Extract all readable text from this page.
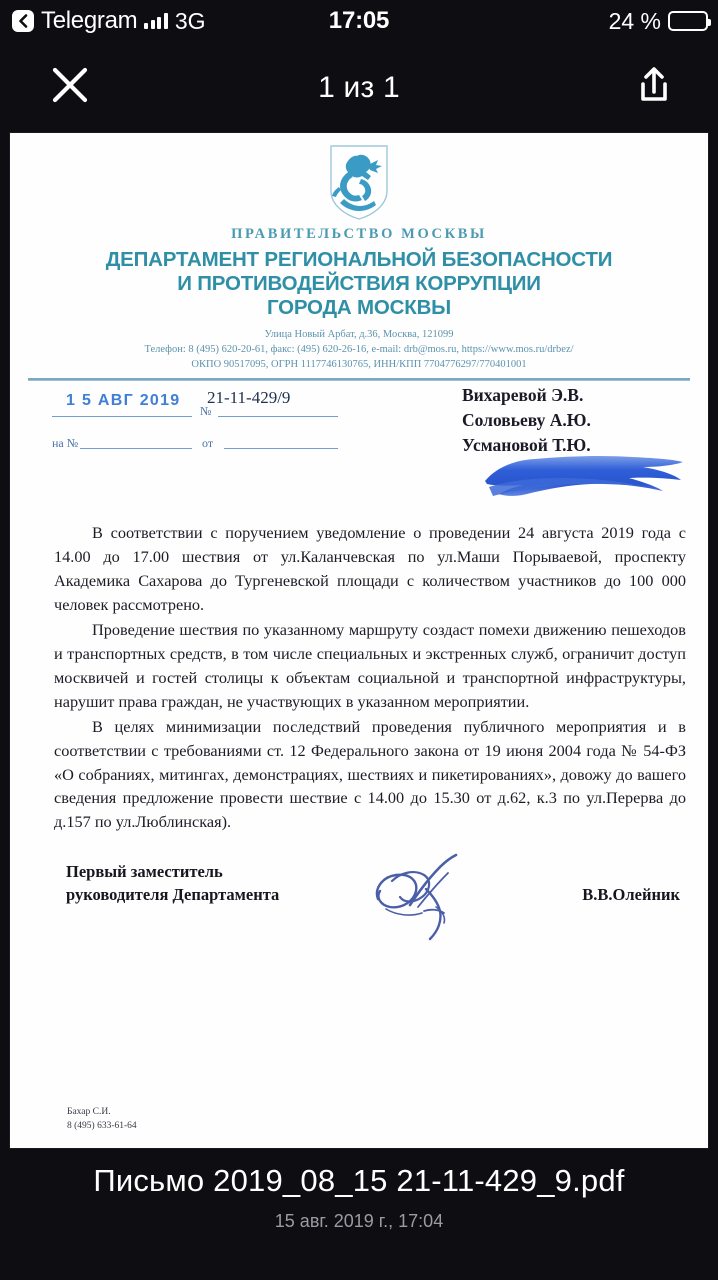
Telegram 3G	17:05	24 %
1 из 1
ПРАВИТЕЛЬСТВО МОСКВЫ
ДЕПАРТАМЕНТ РЕГИОНАЛЬНОЙ БЕЗОПАСНОСТИ
И ПРОТИВОДЕЙСТВИЯ КОРРУПЦИИ
ГОРОДА МОСКВЫ
Улица Новый Арбат, д.36, Москва, 121099
Телефон: 8 (495) 620-20-61, факс: (495) 620-26-16, e-mail: drb@mos.ru, https://www.mos.ru/drbez/
ОКПО 90517095, ОГРН 1117746130765, ИНН/КПП 7704776297/770401001
1 5 АВГ 2019 21-11-429/9
№
на №	от
Вихаревой Э.В.
Соловьеву А.Ю.
Усмановой Т.Ю.

В соответствии с поручением уведомление о проведении 24 августа 2019 года с 14.00 до 17.00 шествия от ул.Каланчевская по ул.Маши Порываевой, проспекту Академика Сахарова до Тургеневской площади с количеством участников до 100 000 человек рассмотрено.

Проведение шествия по указанному маршруту создаст помехи движению пешеходов и транспортных средств, в том числе специальных и экстренных служб, ограничит доступ москвичей и гостей столицы к объектам социальной и транспортной инфраструктуры, нарушит права граждан, не участвующих в указанном мероприятии.

В целях минимизации последствий проведения публичного мероприятия и в соответствии с требованиями ст. 12 Федерального закона от 19 июня 2004 года № 54-ФЗ «О собраниях, митингах, демонстрациях, шествиях и пикетированиях», довожу до вашего сведения предложение провести шествие с 14.00 до 15.30 от д.62, к.3 по ул.Перерва до д.157 по ул.Люблинская).

Первый заместитель
руководителя Департамента	В.В.Олейник
Бахар С.И.
8 (495) 633-61-64
Письмо 2019_08_15 21-11-429_9.pdf
15 авг. 2019 г., 17:04
